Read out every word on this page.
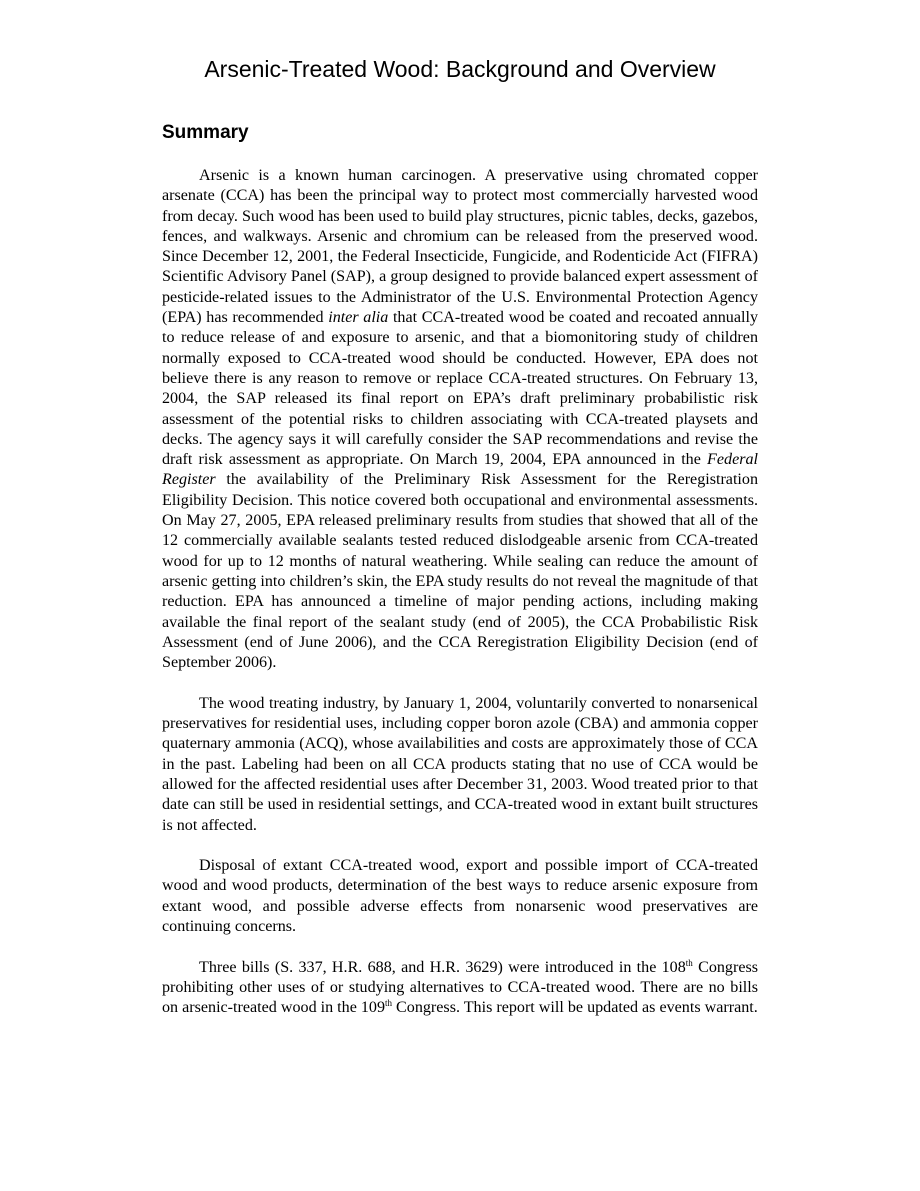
Arsenic-Treated Wood: Background and Overview
Summary

Arsenic is a known human carcinogen. A preservative using chromated copper arsenate (CCA) has been the principal way to protect most commercially harvested wood from decay. Such wood has been used to build play structures, picnic tables, decks, gazebos, fences, and walkways. Arsenic and chromium can be released from the preserved wood. Since December 12, 2001, the Federal Insecticide, Fungicide, and Rodenticide Act (FIFRA) Scientific Advisory Panel (SAP), a group designed to provide balanced expert assessment of pesticide-related issues to the Administrator of the U.S. Environmental Protection Agency (EPA) has recommended inter alia that CCA-treated wood be coated and recoated annually to reduce release of and exposure to arsenic, and that a biomonitoring study of children normally exposed to CCA-treated wood should be conducted. However, EPA does not believe there is any reason to remove or replace CCA-treated structures. On February 13, 2004, the SAP released its final report on EPA’s draft preliminary probabilistic risk assessment of the potential risks to children associating with CCA-treated playsets and decks. The agency says it will carefully consider the SAP recommendations and revise the draft risk assessment as appropriate. On March 19, 2004, EPA announced in the Federal Register the availability of the Preliminary Risk Assessment for the Reregistration Eligibility Decision. This notice covered both occupational and environmental assessments. On May 27, 2005, EPA released preliminary results from studies that showed that all of the 12 commercially available sealants tested reduced dislodgeable arsenic from CCA-treated wood for up to 12 months of natural weathering. While sealing can reduce the amount of arsenic getting into children’s skin, the EPA study results do not reveal the magnitude of that reduction. EPA has announced a timeline of major pending actions, including making available the final report of the sealant study (end of 2005), the CCA Probabilistic Risk Assessment (end of June 2006), and the CCA Reregistration Eligibility Decision (end of September 2006).

The wood treating industry, by January 1, 2004, voluntarily converted to nonarsenical preservatives for residential uses, including copper boron azole (CBA) and ammonia copper quaternary ammonia (ACQ), whose availabilities and costs are approximately those of CCA in the past. Labeling had been on all CCA products stating that no use of CCA would be allowed for the affected residential uses after December 31, 2003. Wood treated prior to that date can still be used in residential settings, and CCA-treated wood in extant built structures is not affected.

Disposal of extant CCA-treated wood, export and possible import of CCA-treated wood and wood products, determination of the best ways to reduce arsenic exposure from extant wood, and possible adverse effects from nonarsenic wood preservatives are continuing concerns.

Three bills (S. 337, H.R. 688, and H.R. 3629) were introduced in the 108th Congress prohibiting other uses of or studying alternatives to CCA-treated wood. There are no bills on arsenic-treated wood in the 109th Congress. This report will be updated as events warrant.
